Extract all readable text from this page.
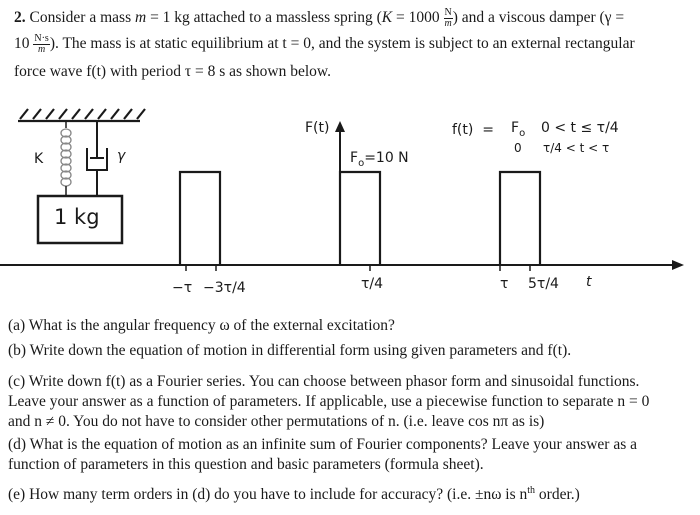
2. Consider a mass m = 1 kg attached to a massless spring ($K = 1000 \frac{N}{m}$ ) and a viscous damper (γ =
$10 \frac{N\cdot s}{m}$ ). The mass is at static equilibrium at t = 0, and the system is subject to an external rectangular
force wave f(t) with period τ = 8 s as shown below.
K	γ
1 kg
F(t)
$F_o=10$ N
$f(t) = F_o$ 0 < t ≤ τ/4
0 τ/4 < t < τ
−τ −3τ/4	τ/4	τ 5τ/4 t
(a) What is the angular frequency ω of the external excitation?
(b) Write down the equation of motion in differential form using given parameters and f(t).
(c) Write down f(t) as a Fourier series. You can choose between phasor form and sinusoidal functions.
Leave your answer as a function of parameters. If applicable, use a piecewise function to separate n = 0
and n ≠ 0. You do not have to consider other permutations of n. (i.e. leave cos nπ as is)
(d) What is the equation of motion as an infinite sum of Fourier components? Leave your answer as a
function of parameters in this question and basic parameters (formula sheet).
(e) How many term orders in (d) do you have to include for accuracy? (i.e. ±nω is $n^{th}$ order.)
